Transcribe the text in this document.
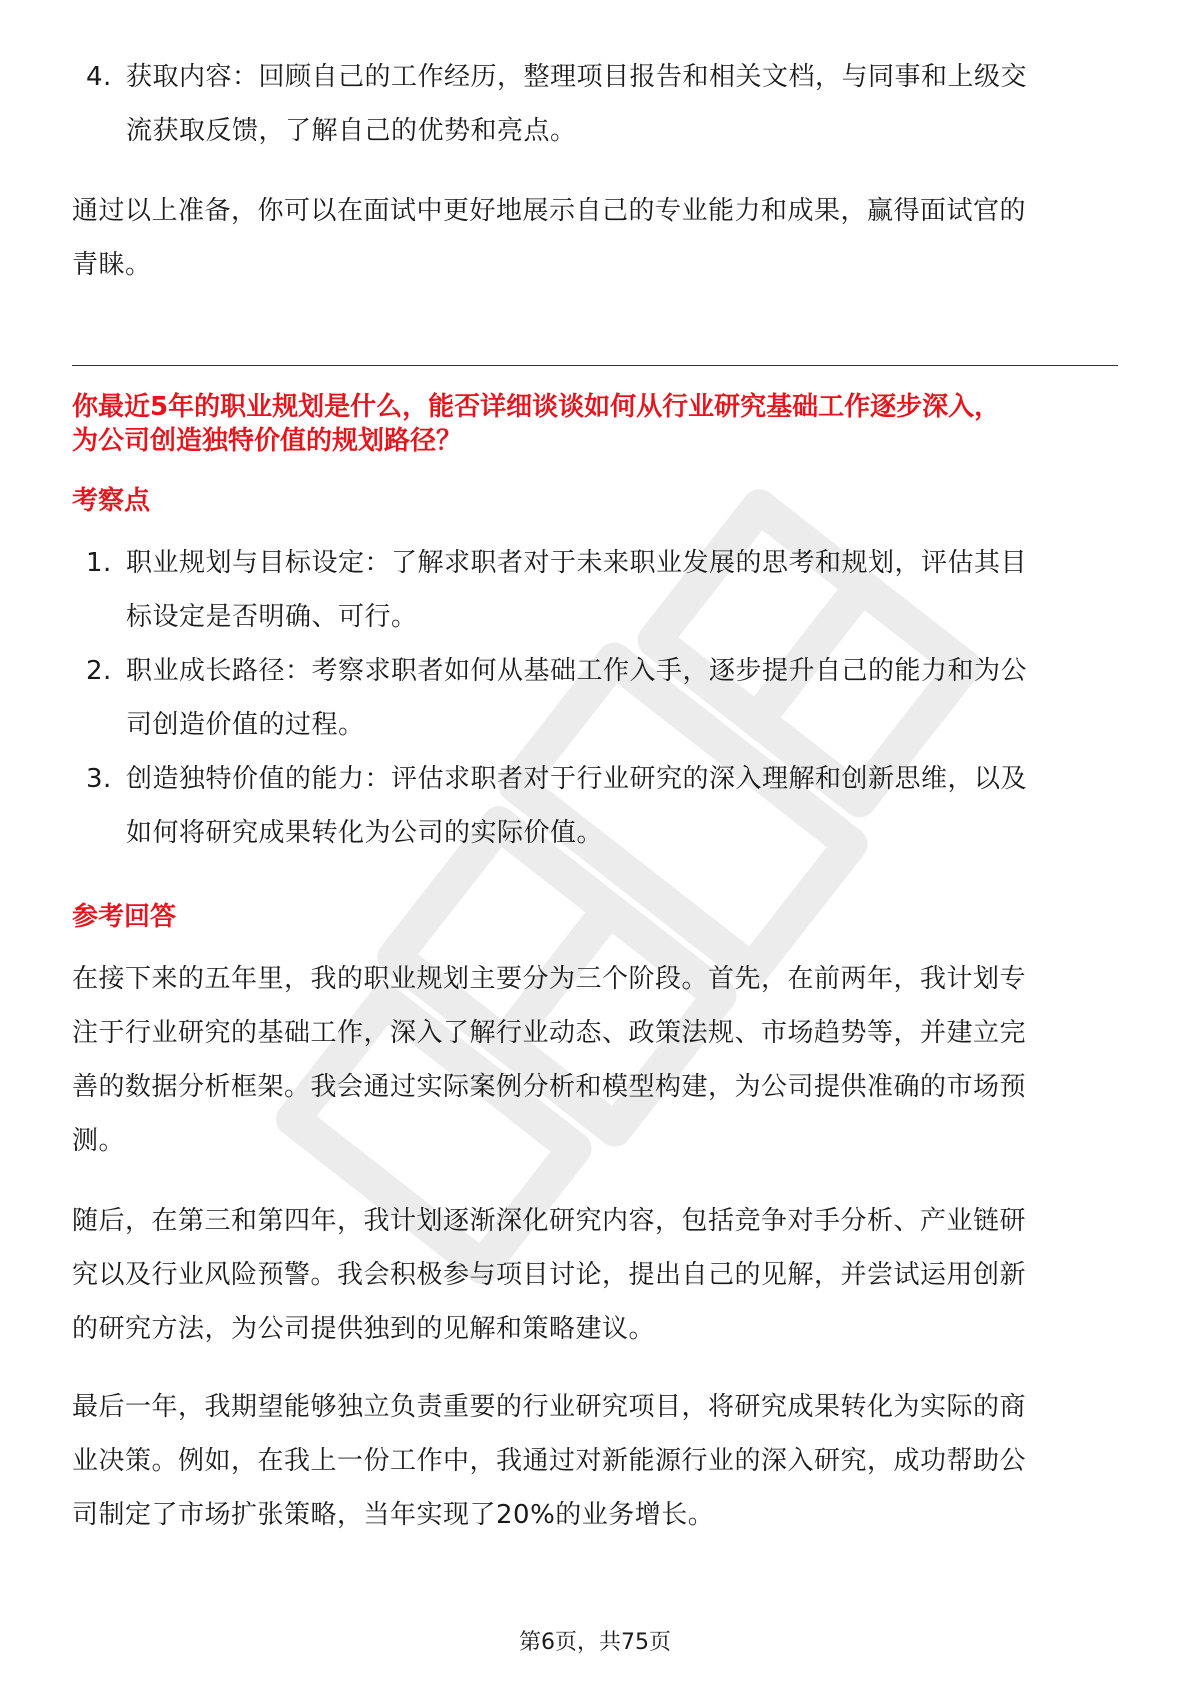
4. 获取内容：回顾自己的工作经历，整理项目报告和相关文档，与同事和上级交
流获取反馈，了解自己的优势和亮点。
通过以上准备，你可以在面试中更好地展示自己的专业能力和成果，赢得面试官的
青睐。
你最近5年的职业规划是什么，能否详细谈谈如何从行业研究基础工作逐步深入，
为公司创造独特价值的规划路径？
考察点
1. 职业规划与目标设定：了解求职者对于未来职业发展的思考和规划，评估其目
标设定是否明确、可行。
2. 职业成长路径：考察求职者如何从基础工作入手，逐步提升自己的能力和为公
司创造价值的过程。
3. 创造独特价值的能力：评估求职者对于行业研究的深入理解和创新思维，以及
如何将研究成果转化为公司的实际价值。
参考回答
在接下来的五年里，我的职业规划主要分为三个阶段。首先，在前两年，我计划专
注于行业研究的基础工作，深入了解行业动态、政策法规、市场趋势等，并建立完
善的数据分析框架。我会通过实际案例分析和模型构建，为公司提供准确的市场预
测。
随后，在第三和第四年，我计划逐渐深化研究内容，包括竞争对手分析、产业链研
究以及行业风险预警。我会积极参与项目讨论，提出自己的见解，并尝试运用创新
的研究方法，为公司提供独到的见解和策略建议。
最后一年，我期望能够独立负责重要的行业研究项目，将研究成果转化为实际的商
业决策。例如，在我上一份工作中，我通过对新能源行业的深入研究，成功帮助公
司制定了市场扩张策略，当年实现了20%的业务增长。
第6页，共75页
